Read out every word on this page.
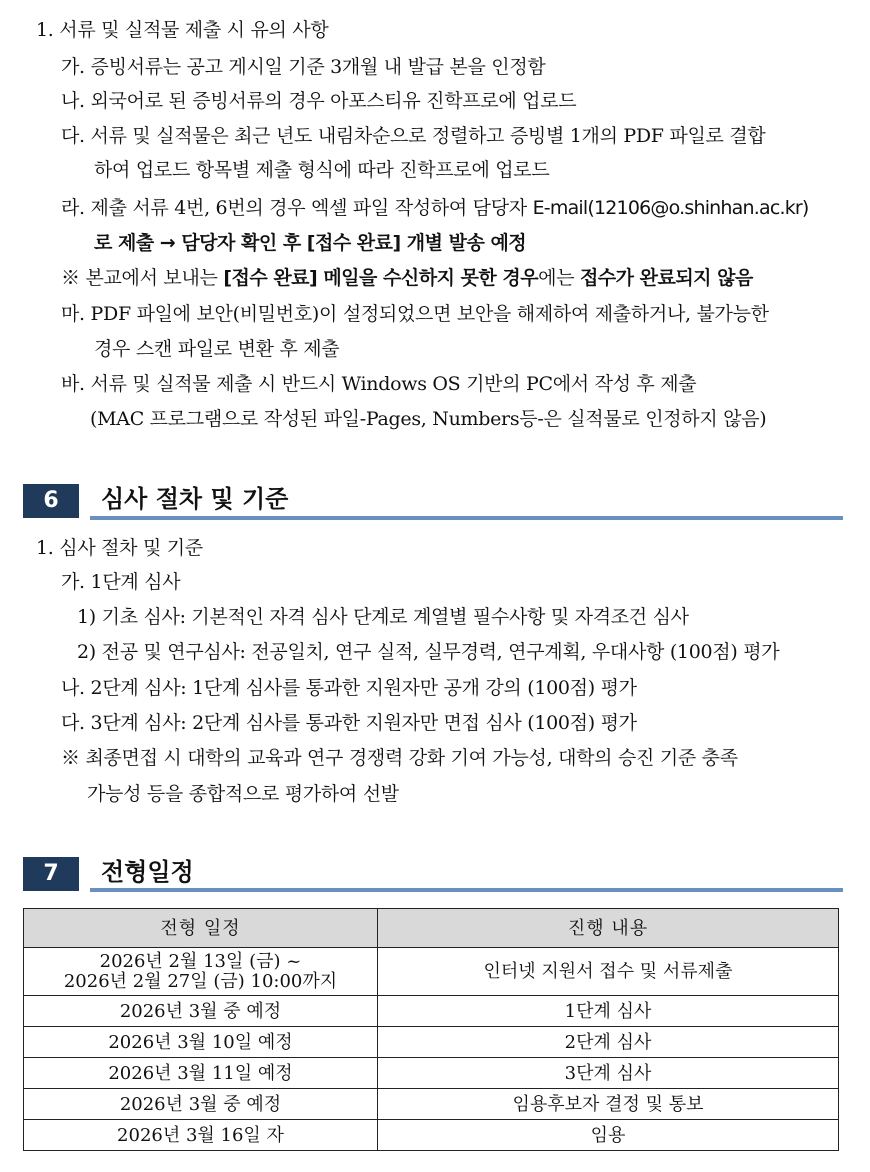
1. 서류 및 실적물 제출 시 유의 사항
가. 증빙서류는 공고 게시일 기준 3개월 내 발급 본을 인정함
나. 외국어로 된 증빙서류의 경우 아포스티유 진학프로에 업로드
다. 서류 및 실적물은 최근 년도 내림차순으로 정렬하고 증빙별 1개의 PDF 파일로 결합
하여 업로드 항목별 제출 형식에 따라 진학프로에 업로드
라. 제출 서류 4번, 6번의 경우 엑셀 파일 작성하여 담당자 E-mail(12106@o.shinhan.ac.kr)
로 제출 → 담당자 확인 후 [접수 완료] 개별 발송 예정
※ 본교에서 보내는 [접수 완료] 메일을 수신하지 못한 경우에는 접수가 완료되지 않음
마. PDF 파일에 보안(비밀번호)이 설정되었으면 보안을 해제하여 제출하거나, 불가능한
경우 스캔 파일로 변환 후 제출
바. 서류 및 실적물 제출 시 반드시 Windows OS 기반의 PC에서 작성 후 제출
(MAC 프로그램으로 작성된 파일-Pages, Numbers등-은 실적물로 인정하지 않음)
6	심사 절차 및 기준
1. 심사 절차 및 기준
가. 1단계 심사
1) 기초 심사: 기본적인 자격 심사 단계로 계열별 필수사항 및 자격조건 심사
2) 전공 및 연구심사: 전공일치, 연구 실적, 실무경력, 연구계획, 우대사항 (100점) 평가
나. 2단계 심사: 1단계 심사를 통과한 지원자만 공개 강의 (100점) 평가
다. 3단계 심사: 2단계 심사를 통과한 지원자만 면접 심사 (100점) 평가
※ 최종면접 시 대학의 교육과 연구 경쟁력 강화 기여 가능성, 대학의 승진 기준 충족
가능성 등을 종합적으로 평가하여 선발
7	전형일정
전형 일정	진행 내용

2026년 2월 13일 (금) ~
2026년 2월 27일 (금) 10:00까지	인터넷 지원서 접수 및 서류제출
2026년 3월 중 예정	1단계 심사
2026년 3월 10일 예정	2단계 심사
2026년 3월 11일 예정	3단계 심사
2026년 3월 중 예정	임용후보자 결정 및 통보
2026년 3월 16일 자	임용
